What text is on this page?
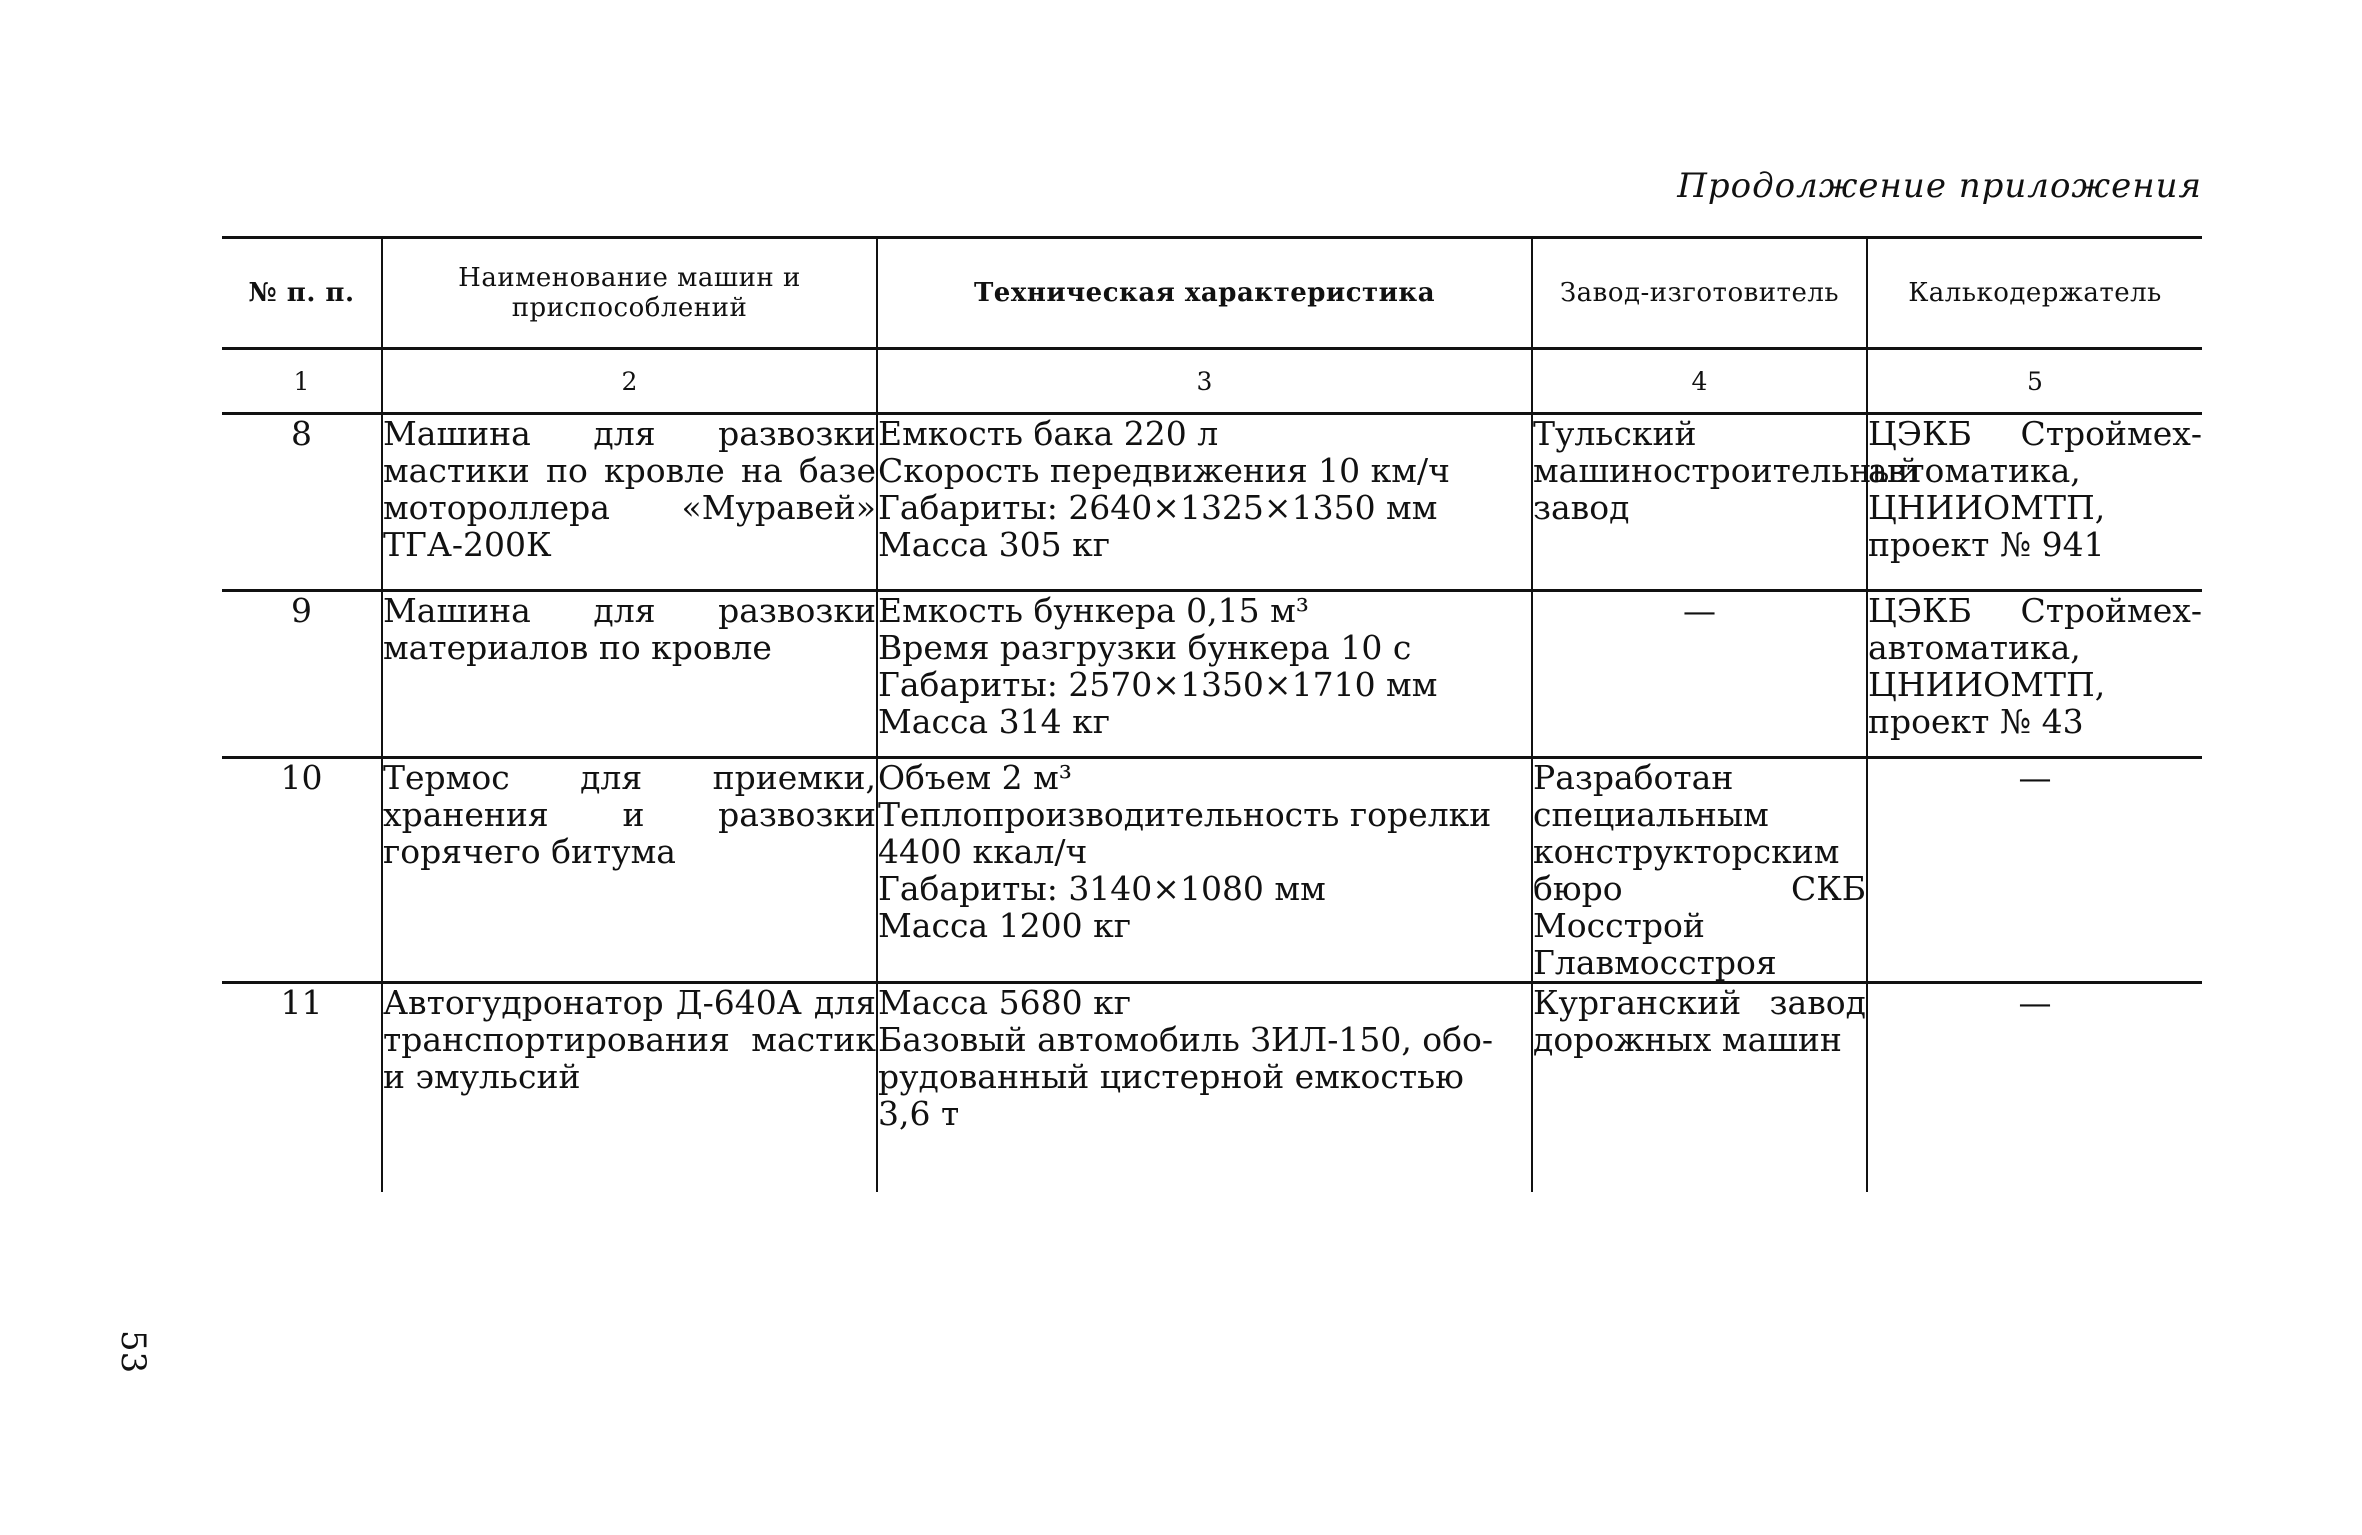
Продолжение приложения
53
№ п. п.	Наименование машин и приспособлений	Техническая характеристика	Завод-изготовитель	Калькодержатель
1	2	3	4	5
8	Машина для развозки мастики по кровле на базе мотороллера «Муравей» ТГА-200К	Емкость бака 220 л
Скорость передвижения 10 км/ч
Габариты: 2640×1325×1350 мм
Масса 305 кг	Тульский машиностроительный завод	ЦЭКБ Строймех-автоматика, ЦНИИОМТП, проект № 941
9	Машина для развозки материалов по кровле	Емкость бункера 0,15 м³
Время разгрузки бункера 10 с
Габариты: 2570×1350×1710 мм
Масса 314 кг	—	ЦЭКБ Строймех-автоматика, ЦНИИОМТП, проект № 43
10	Термос для приемки, хранения и развозки горячего битума	Объем 2 м³
Теплопроизводительность горелки
4400 ккал/ч
Габариты: 3140×1080 мм
Масса 1200 кг	Разработан специальным конструкторским бюро СКБ Мосстрой Главмосстроя	—
11	Автогудронатор Д-640А для транспортирования мастик и эмульсий	Масса 5680 кг
Базовый автомобиль ЗИЛ-150, обо-
рудованный цистерной емкостью
3,6 т	Курганский завод дорожных машин	—
